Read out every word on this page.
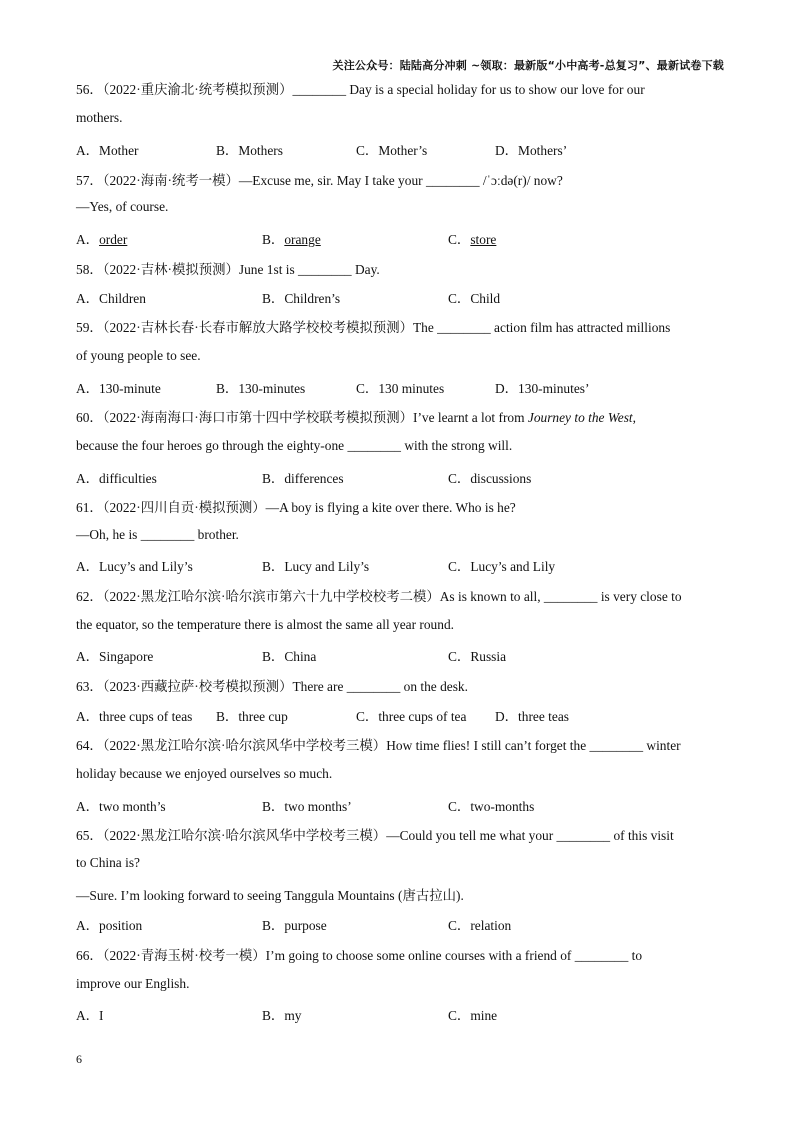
关注公众号：陆陆高分冲刺 ~领取：最新版“小中高考-总复习”、最新试卷下载
56．（2022·重庆渝北·统考模拟预测）________ Day is a special holiday for us to show our love for our
mothers.
A．Mother	B．Mothers	C．Mother’s	D．Mothers’
57．（2022·海南·统考一模）—Excuse me, sir. May I take your ________ /ˈɔːdə(r)/ now?
—Yes, of course.
A．order	B．orange	C．store
58．（2022·吉林·模拟预测）June 1st is ________ Day.
A．Children	B．Children’s	C．Child
59．（2022·吉林长春·长春市解放大路学校校考模拟预测）The ________ action film has attracted millions
of young people to see.
A．130-minute	B．130-minutes	C．130 minutes	D．130-minutes’
60．（2022·海南海口·海口市第十四中学校联考模拟预测）I’ve learnt a lot from Journey to the West,
because the four heroes go through the eighty-one ________ with the strong will.
A．difficulties	B．differences	C．discussions
61．（2022·四川自贡·模拟预测）—A boy is flying a kite over there. Who is he?
—Oh, he is ________ brother.
A．Lucy’s and Lily’s	B．Lucy and Lily’s	C．Lucy’s and Lily
62．（2022·黑龙江哈尔滨·哈尔滨市第六十九中学校校考二模）As is known to all, ________ is very close to
the equator, so the temperature there is almost the same all year round.
A．Singapore	B．China	C．Russia
63．（2023·西藏拉萨·校考模拟预测）There are ________ on the desk.
A．three cups of teas B．three cup	C．three cups of tea D．three teas
64．（2022·黑龙江哈尔滨·哈尔滨风华中学校考三模）How time flies! I still can’t forget the ________ winter
holiday because we enjoyed ourselves so much.
A．two month’s	B．two months’	C．two-months
65．（2022·黑龙江哈尔滨·哈尔滨风华中学校考三模）—Could you tell me what your ________ of this visit
to China is?
—Sure. I’m looking forward to seeing Tanggula Mountains (唐古拉山).
A．position	B．purpose	C．relation
66．（2022·青海玉树·校考一模）I’m going to choose some online courses with a friend of ________ to
improve our English.
A．I	B．my	C．mine
6
